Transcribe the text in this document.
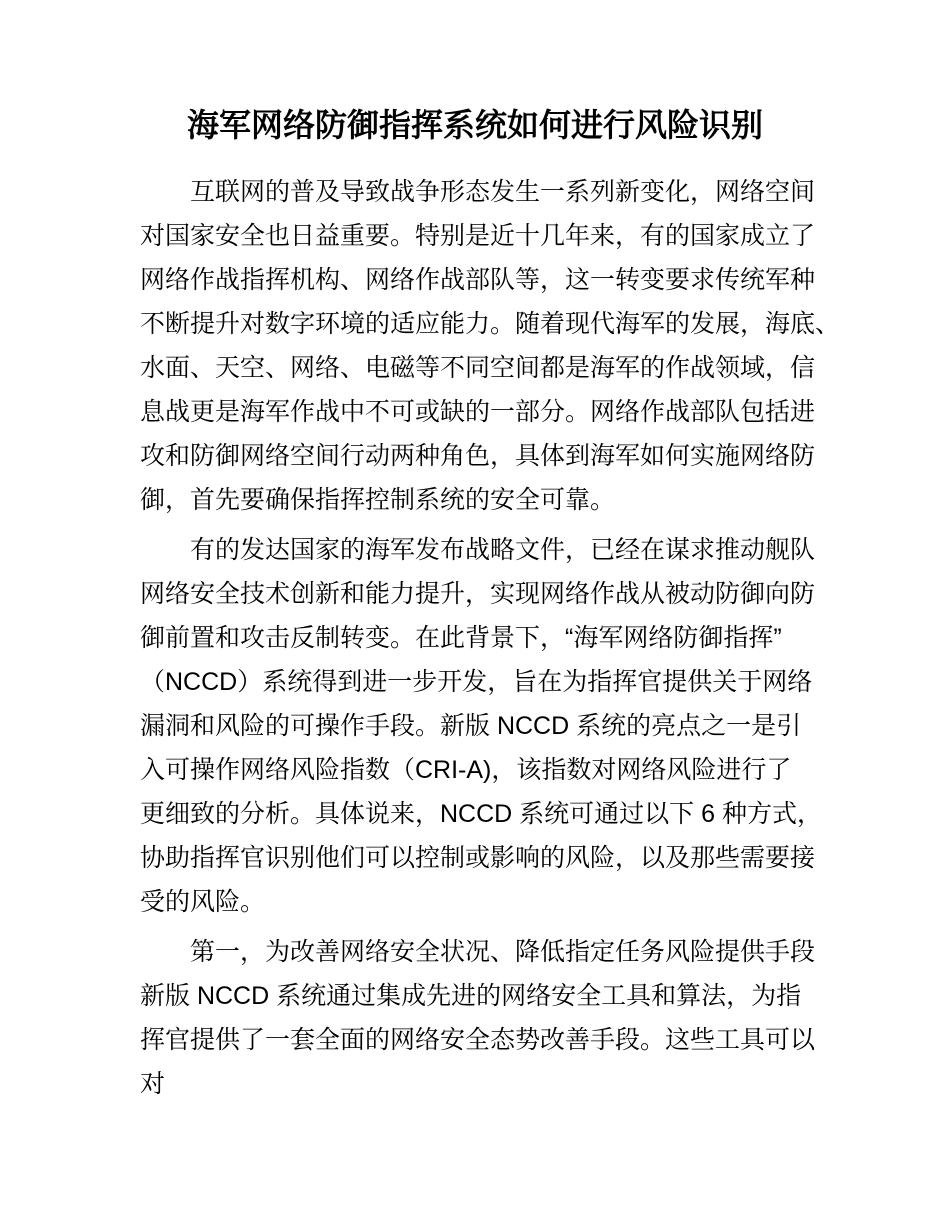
海军网络防御指挥系统如何进行风险识别
互联网的普及导致战争形态发生一系列新变化，网络空间
对国家安全也日益重要。特别是近十几年来，有的国家成立了
网络作战指挥机构、网络作战部队等，这一转变要求传统军种
不断提升对数字环境的适应能力。随着现代海军的发展，海底、
水面、天空、网络、电磁等不同空间都是海军的作战领域，信
息战更是海军作战中不可或缺的一部分。网络作战部队包括进
攻和防御网络空间行动两种角色，具体到海军如何实施网络防
御，首先要确保指挥控制系统的安全可靠。
有的发达国家的海军发布战略文件，已经在谋求推动舰队
网络安全技术创新和能力提升，实现网络作战从被动防御向防
御前置和攻击反制转变。在此背景下，“海军网络防御指挥”
（NCCD）系统得到进一步开发，旨在为指挥官提供关于网络
漏洞和风险的可操作手段。新版 NCCD 系统的亮点之一是引
入可操作网络风险指数（CRI-A)，该指数对网络风险进行了
更细致的分析。具体说来，NCCD 系统可通过以下 6 种方式，
协助指挥官识别他们可以控制或影响的风险，以及那些需要接
受的风险。
第一，为改善网络安全状况、降低指定任务风险提供手段
新版 NCCD 系统通过集成先进的网络安全工具和算法，为指
挥官提供了一套全面的网络安全态势改善手段。这些工具可以
对
